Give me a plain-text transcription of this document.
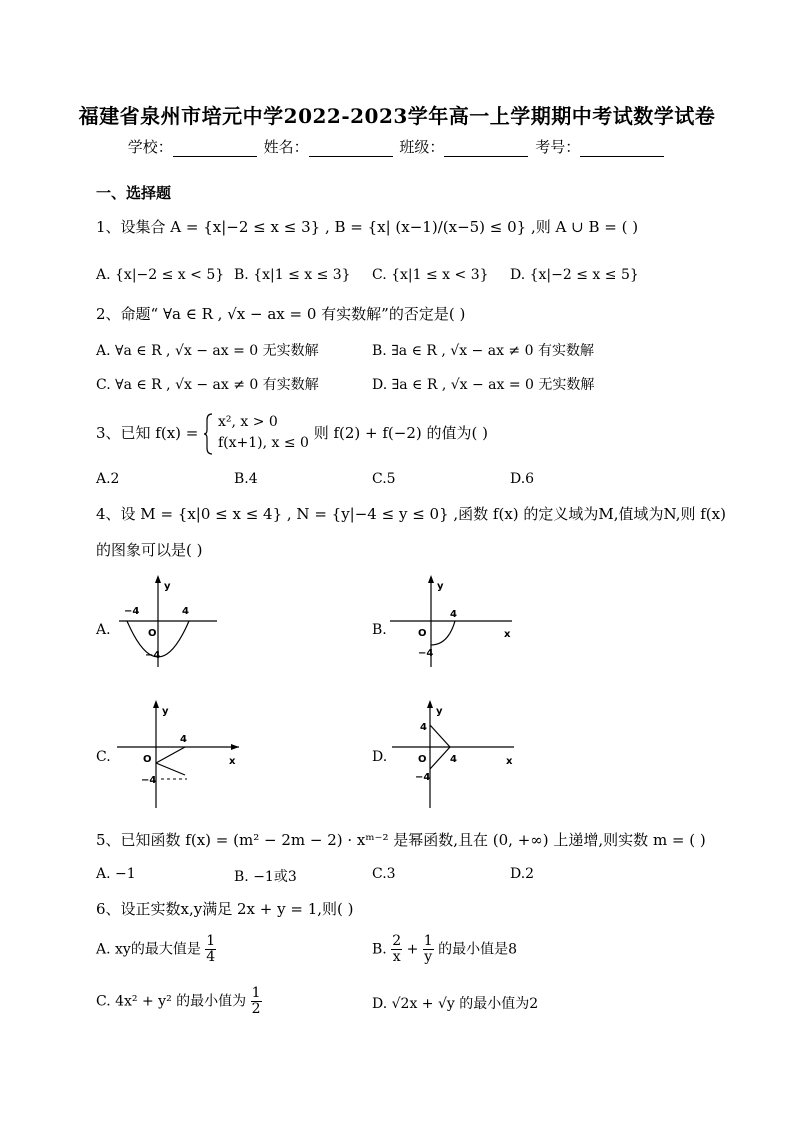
福建省泉州市培元中学2022-2023学年高一上学期期中考试数学试卷
学校：	姓名：	班级：	考号：
一、选择题
1、设集合 A = {x|−2 ≤ x ≤ 3} , B = {x| (x−1)/(x−5) ≤ 0} ,则 A ∪ B = ( )
A. {x|−2 ≤ x < 5} B. {x|1 ≤ x ≤ 3} C. {x|1 ≤ x < 3} D. {x|−2 ≤ x ≤ 5}
2、命题“ ∀a ∈ R , √x − ax = 0 有实数解”的否定是( )
A. ∀a ∈ R , √x − ax = 0 无实数解	B. ∃a ∈ R , √x − ax ≠ 0 有实数解
C. ∀a ∈ R , √x − ax ≠ 0 有实数解	D. ∃a ∈ R , √x − ax = 0 无实数解
3、已知 f(x) =
x², x > 0
f(x+1), x ≤ 0
则 f(2) + f(−2) 的值为( )
A.2	B.4	C.5	D.6
4、设 M = {x|0 ≤ x ≤ 4} , N = {y|−4 ≤ y ≤ 0} ,函数 f(x) 的定义域为M,值域为N,则 f(x)
的图象可以是( )
A.
y
−4	4
O
−4
B.
y
4
O
−4
x
C.
y
4
O
−4
x	D.
y
4
O 4
−4
x
5、已知函数 f(x) = (m² − 2m − 2) · xᵐ⁻² 是幂函数,且在 (0, +∞) 上递增,则实数 m = ( )
A. −1	B. −1或3	C.3	D.2
6、设正实数x,y满足 2x + y = 1,则( )
A. xy的最大值是 $\frac{1}{4}$	B. $\frac{2}{x} + \frac{1}{y}$ 的最小值是8
C. 4x² + y² 的最小值为 $\frac{1}{2}$	D. √2x + √y 的最小值为2
